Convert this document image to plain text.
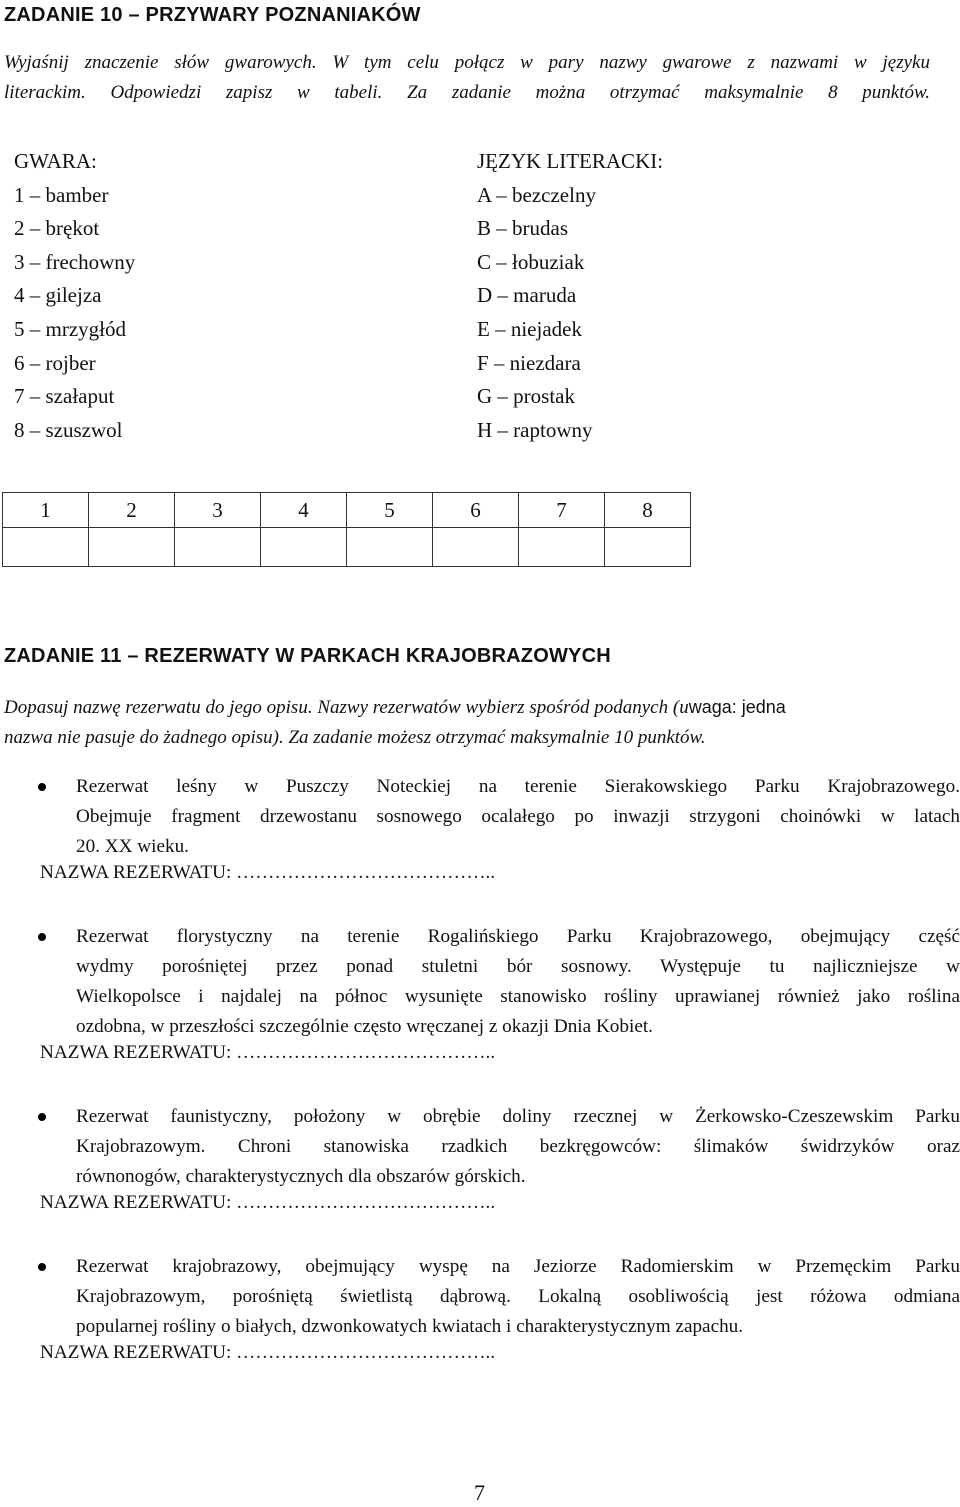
ZADANIE 10 – PRZYWARY POZNANIAKÓW
Wyjaśnij znaczenie słów gwarowych. W tym celu połącz w pary nazwy gwarowe z nazwami w języku
literackim. Odpowiedzi zapisz w tabeli. Za zadanie można otrzymać maksymalnie 8 punktów.
GWARA:
1 – bamber
2 – brękot
3 – frechowny
4 – gilejza
5 – mrzygłód
6 – rojber
7 – szałaput
8 – szuszwol
JĘZYK LITERACKI:
A – bezczelny
B – brudas
C – łobuziak
D – maruda
E – niejadek
F – niezdara
G – prostak
H – raptowny
1	2	3	4	5	6	7	8

ZADANIE 11 – REZERWATY W PARKACH KRAJOBRAZOWYCH
Dopasuj nazwę rezerwatu do jego opisu. Nazwy rezerwatów wybierz spośród podanych (uwaga: jedna
nazwa nie pasuje do żadnego opisu). Za zadanie możesz otrzymać maksymalnie 10 punktów.
Rezerwat leśny w Puszczy Noteckiej na terenie Sierakowskiego Parku Krajobrazowego.
Obejmuje fragment drzewostanu sosnowego ocalałego po inwazji strzygoni choinówki w latach
20. XX wieku.
NAZWA REZERWATU: …………………………………..
Rezerwat florystyczny na terenie Rogalińskiego Parku Krajobrazowego, obejmujący część
wydmy porośniętej przez ponad stuletni bór sosnowy. Występuje tu najliczniejsze w
Wielkopolsce i najdalej na północ wysunięte stanowisko rośliny uprawianej również jako roślina
ozdobna, w przeszłości szczególnie często wręczanej z okazji Dnia Kobiet.
NAZWA REZERWATU: …………………………………..
Rezerwat faunistyczny, położony w obrębie doliny rzecznej w Żerkowsko-Czeszewskim Parku
Krajobrazowym. Chroni stanowiska rzadkich bezkręgowców: ślimaków świdrzyków oraz
równonogów, charakterystycznych dla obszarów górskich.
NAZWA REZERWATU: …………………………………..
Rezerwat krajobrazowy, obejmujący wyspę na Jeziorze Radomierskim w Przemęckim Parku
Krajobrazowym, porośniętą świetlistą dąbrową. Lokalną osobliwością jest różowa odmiana
popularnej rośliny o białych, dzwonkowatych kwiatach i charakterystycznym zapachu.
NAZWA REZERWATU: …………………………………..
7
